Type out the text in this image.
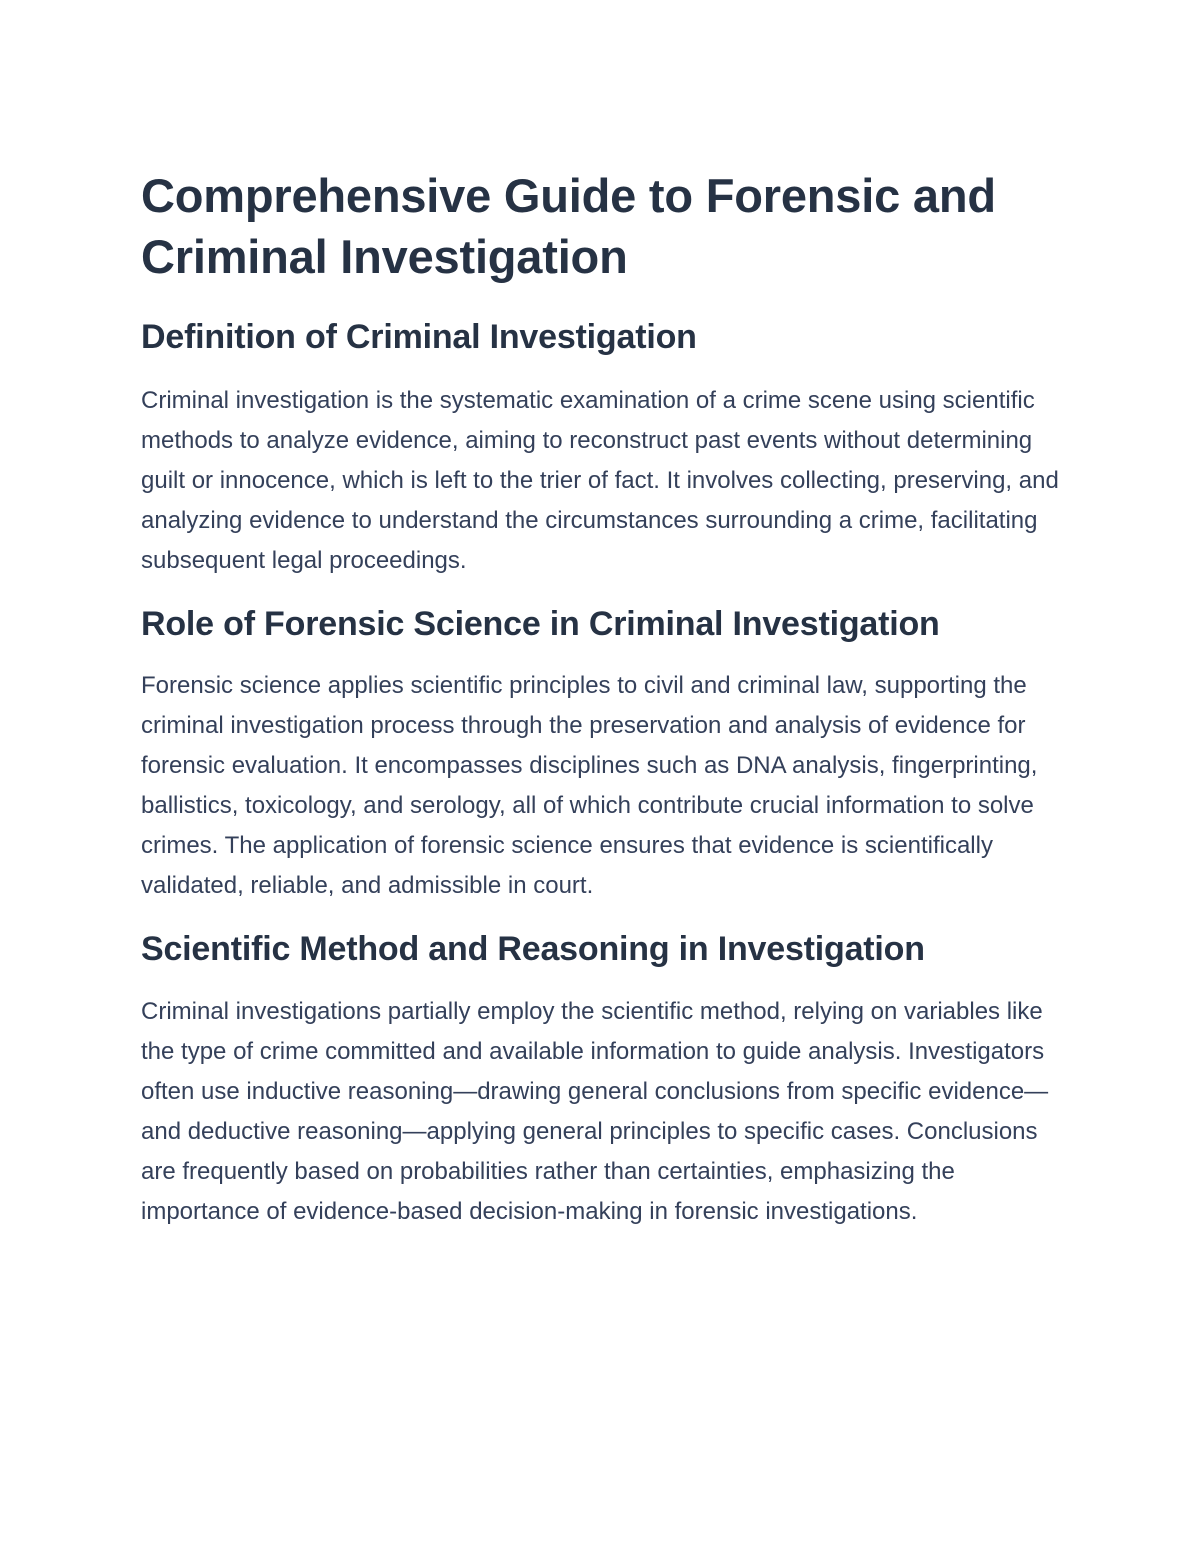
Comprehensive Guide to Forensic and Criminal Investigation
Definition of Criminal Investigation

Criminal investigation is the systematic examination of a crime scene using scientific methods to analyze evidence, aiming to reconstruct past events without determining guilt or innocence, which is left to the trier of fact. It involves collecting, preserving, and analyzing evidence to understand the circumstances surrounding a crime, facilitating subsequent legal proceedings.

Role of Forensic Science in Criminal Investigation

Forensic science applies scientific principles to civil and criminal law, supporting the criminal investigation process through the preservation and analysis of evidence for forensic evaluation. It encompasses disciplines such as DNA analysis, fingerprinting, ballistics, toxicology, and serology, all of which contribute crucial information to solve crimes. The application of forensic science ensures that evidence is scientifically validated, reliable, and admissible in court.

Scientific Method and Reasoning in Investigation

Criminal investigations partially employ the scientific method, relying on variables like the type of crime committed and available information to guide analysis. Investigators often use inductive reasoning—drawing general conclusions from specific evidence—and deductive reasoning—applying general principles to specific cases. Conclusions are frequently based on probabilities rather than certainties, emphasizing the importance of evidence-based decision-making in forensic investigations.
